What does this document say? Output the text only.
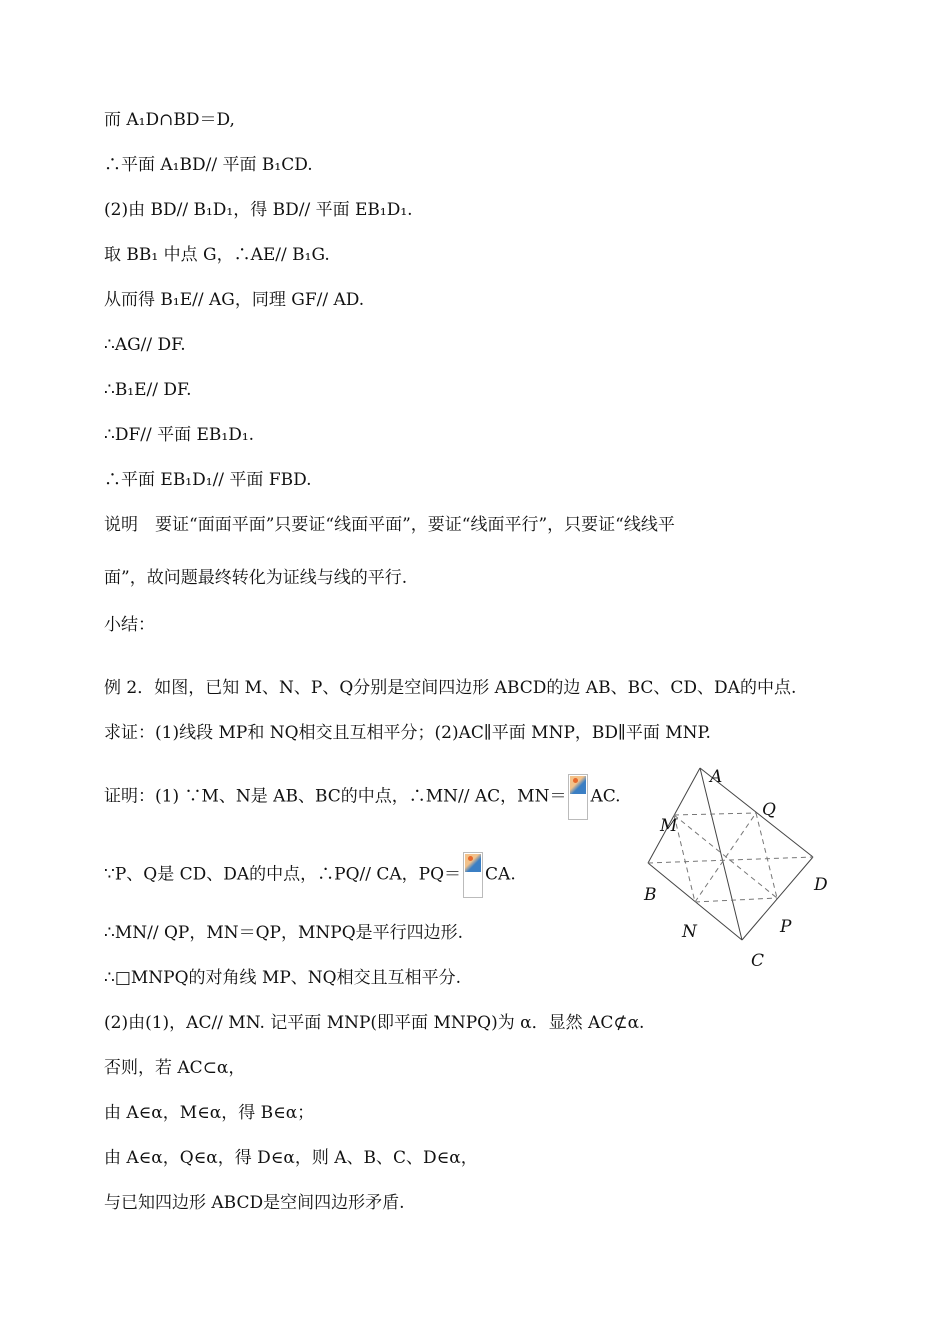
而 A₁D∩BD＝D,
∴平面 A₁BD// 平面 B₁CD.
(2)由 BD// B₁D₁，得 BD// 平面 EB₁D₁.
取 BB₁ 中点 G，∴AE// B₁G.
从而得 B₁E// AG，同理 GF// AD.
∴AG// DF.
∴B₁E// DF.
∴DF// 平面 EB₁D₁.
∴平面 EB₁D₁// 平面 FBD.
说明　要证“面面平面”只要证“线面平面”，要证“线面平行”，只要证“线线平
面”，故问题最终转化为证线与线的平行.
小结：
例 2．如图，已知 M、N、P、Q分别是空间四边形 ABCD的边 AB、BC、CD、DA的中点.
求证：(1)线段 MP和 NQ相交且互相平分；(2)AC∥平面 MNP，BD∥平面 MNP.
证明：(1) ∵M、N是 AB、BC的中点，∴MN// AC，MN＝ AC.
∵P、Q是 CD、DA的中点，∴PQ// CA，PQ＝ CA.
∴MN// QP，MN＝QP，MNPQ是平行四边形.
∴□MNPQ的对角线 MP、NQ相交且互相平分.
(2)由(1)，AC// MN. 记平面 MNP(即平面 MNPQ)为 α．显然 AC⊄α.
否则，若 AC⊂α，
由 A∈α，M∈α，得 B∈α；
由 A∈α，Q∈α，得 D∈α，则 A、B、C、D∈α，
与已知四边形 ABCD是空间四边形矛盾.
A
Q
M
D
B
P
N
C
